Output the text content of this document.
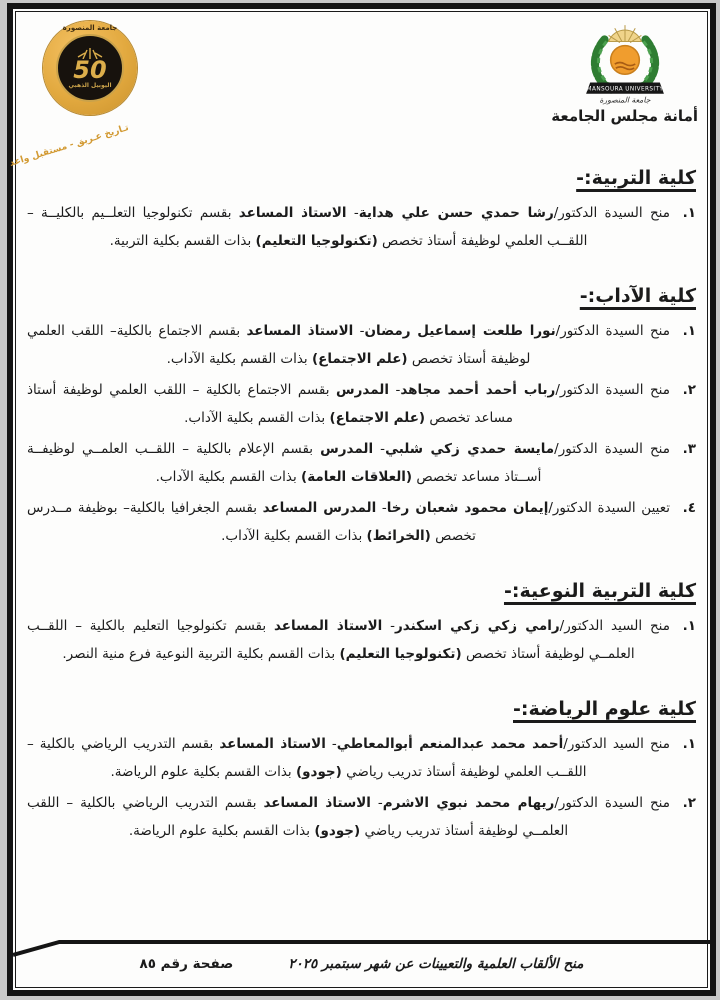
MANSOURA UNIVERSITY
جامعة المنصورة
أمانة مجلس الجامعة
جامعة المنصورة
50
اليوبيل الذهبي
تـاريخ عـريق - مستقبل واعد
كلية التربية:-
١.

منح السيدة الدكتور/رشا حمدي حسن علي هداية- الاستاذ المساعد بقسم تكنولوجيا التعلــيم بالكليــة – اللقــب العلمي لوظيفة أستاذ تخصص (تكنولوجيا التعليم) بذات القسم بكلية التربية.

كلية الآداب:-
١.

منح السيدة الدكتور/نورا طلعت إسماعيل رمضان- الاستاذ المساعد بقسم الاجتماع بالكلية– اللقب العلمي لوظيفة أستاذ تخصص (علم الاجتماع) بذات القسم بكلية الآداب.

٢.

منح السيدة الدكتور/رباب أحمد أحمد مجاهد- المدرس بقسم الاجتماع بالكلية – اللقب العلمي لوظيفة أستاذ مساعد تخصص (علم الاجتماع) بذات القسم بكلية الآداب.

٣.

منح السيدة الدكتور/مايسة حمدي زكي شلبي- المدرس بقسم الإعلام بالكلية – اللقــب العلمــي لوظيفــة أســتاذ مساعد تخصص (العلاقات العامة) بذات القسم بكلية الآداب.

٤.

تعيين السيدة الدكتور/إيمان محمود شعبان رخا- المدرس المساعد بقسم الجغرافيا بالكلية– بوظيفة مــدرس تخصص (الخرائط) بذات القسم بكلية الآداب.

كلية التربية النوعية:-
١.

منح السيد الدكتور/رامي زكي زكي اسكندر- الاستاذ المساعد بقسم تكنولوجيا التعليم بالكلية – اللقــب العلمــي لوظيفة أستاذ تخصص (تكنولوجيا التعليم) بذات القسم بكلية التربية النوعية فرع منية النصر.

كلية علوم الرياضة:-
١.

منح السيد الدكتور/أحمد محمد عبدالمنعم أبوالمعاطي- الاستاذ المساعد بقسم التدريب الرياضي بالكلية – اللقــب العلمي لوظيفة أستاذ تدريب رياضي (جودو) بذات القسم بكلية علوم الرياضة.

٢.

منح السيدة الدكتور/ريهام محمد نبوي الاشرم- الاستاذ المساعد بقسم التدريب الرياضي بالكلية – اللقب العلمــي لوظيفة أستاذ تدريب رياضي (جودو) بذات القسم بكلية علوم الرياضة.

منح الألقاب العلمية والتعيينات عن شهر سبتمبر ٢٠٢٥
صفحة رقم ٨٥
